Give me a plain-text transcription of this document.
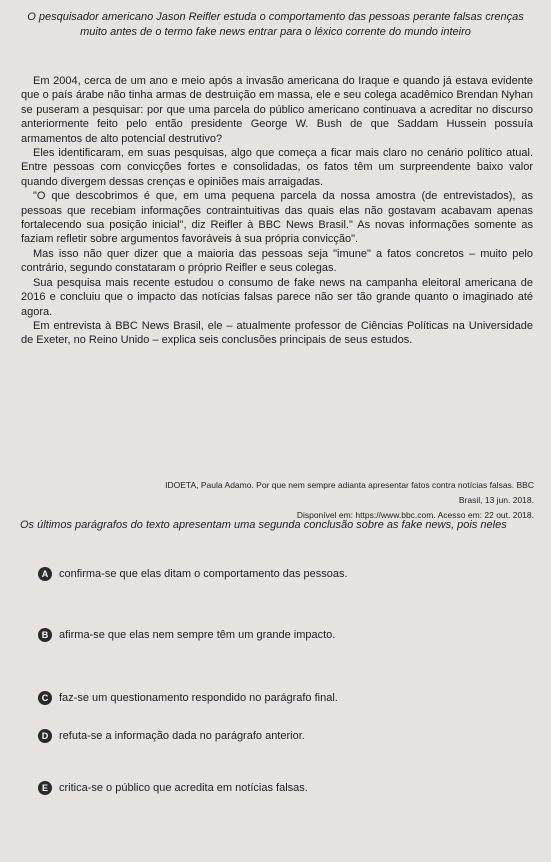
O pesquisador americano Jason Reifler estuda o comportamento das pessoas perante falsas crenças muito antes de o termo fake news entrar para o léxico corrente do mundo inteiro

Em 2004, cerca de um ano e meio após a invasão americana do Iraque e quando já estava evidente que o país árabe não tinha armas de destruição em massa, ele e seu colega acadêmico Brendan Nyhan se puseram a pesquisar: por que uma parcela do público americano continuava a acreditar no discurso anteriormente feito pelo então presidente George W. Bush de que Saddam Hussein possuía armamentos de alto potencial destrutivo?

Eles identificaram, em suas pesquisas, algo que começa a ficar mais claro no cenário político atual. Entre pessoas com convicções fortes e consolidadas, os fatos têm um surpreendente baixo valor quando divergem dessas crenças e opiniões mais arraigadas.

"O que descobrimos é que, em uma pequena parcela da nossa amostra (de entrevistados), as pessoas que recebiam informações contraintuitivas das quais elas não gostavam acabavam apenas fortalecendo sua posição inicial", diz Reifler à BBC News Brasil." As novas informações somente as faziam refletir sobre argumentos favoráveis à sua própria convicção".

Mas isso não quer dizer que a maioria das pessoas seja "imune" a fatos concretos – muito pelo contrário, segundo constataram o próprio Reifler e seus colegas.

Sua pesquisa mais recente estudou o consumo de fake news na campanha eleitoral americana de 2016 e concluiu que o impacto das notícias falsas parece não ser tão grande quanto o imaginado até agora.

Em entrevista à BBC News Brasil, ele – atualmente professor de Ciências Políticas na Universidade de Exeter, no Reino Unido – explica seis conclusões principais de seus estudos.

IDOETA, Paula Adamo. Por que nem sempre adianta apresentar fatos contra notícias falsas. BBC Brasil, 13 jun. 2018.
Disponível em: https://www.bbc.com. Acesso em: 22 out. 2018.
Os últimos parágrafos do texto apresentam uma segunda conclusão sobre as fake news, pois neles
A confirma-se que elas ditam o comportamento das pessoas.
B afirma-se que elas nem sempre têm um grande impacto.
C faz-se um questionamento respondido no parágrafo final.
D refuta-se a informação dada no parágrafo anterior.
E	critica-se o público que acredita em notícias falsas.
